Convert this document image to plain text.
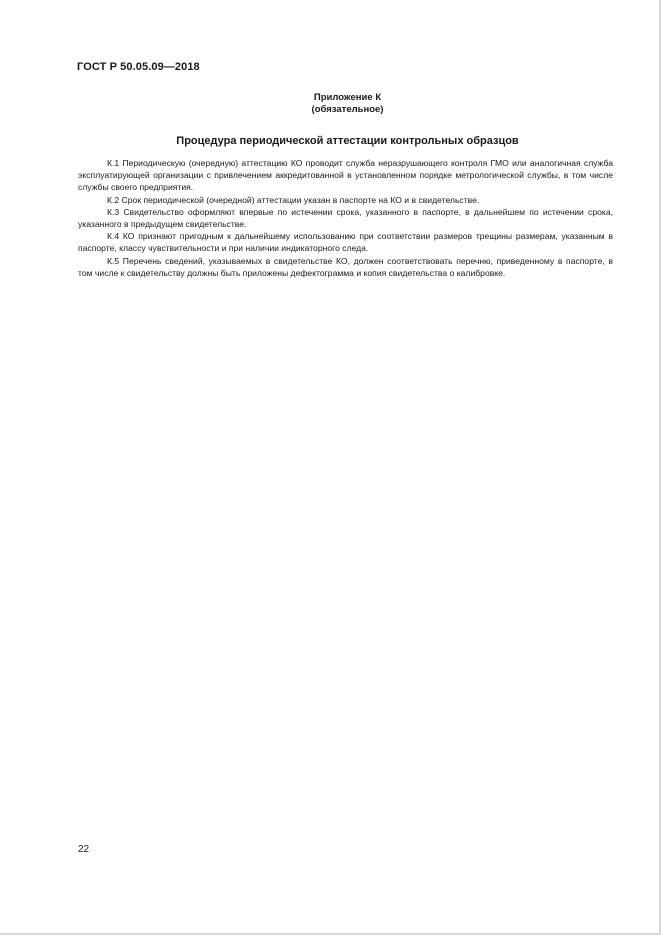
ГОСТ Р 50.05.09—2018
Приложение К
(обязательное)
Процедура периодической аттестации контрольных образцов

К.1 Периодическую (очередную) аттестацию КО проводит служба неразрушающего контроля ГМО или аналогичная служба эксплуатирующей организации с привлечением аккредитованной в установленном порядке метрологической службы, в том числе службы своего предприятия.

К.2 Срок периодической (очередной) аттестации указан в паспорте на КО и в свидетельстве.

К.3 Свидетельство оформляют впервые по истечении срока, указанного в паспорте, в дальнейшем по истечении срока, указанного в предыдущем свидетельстве.

К.4 КО признают пригодным к дальнейшему использованию при соответствии размеров трещины размерам, указанным в паспорте, классу чувствительности и при наличии индикаторного следа.

К.5 Перечень сведений, указываемых в свидетельстве КО, должен соответствовать перечню, приведенному в паспорте, в том числе к свидетельству должны быть приложены дефектограмма и копия свидетельства о калибровке.

22
